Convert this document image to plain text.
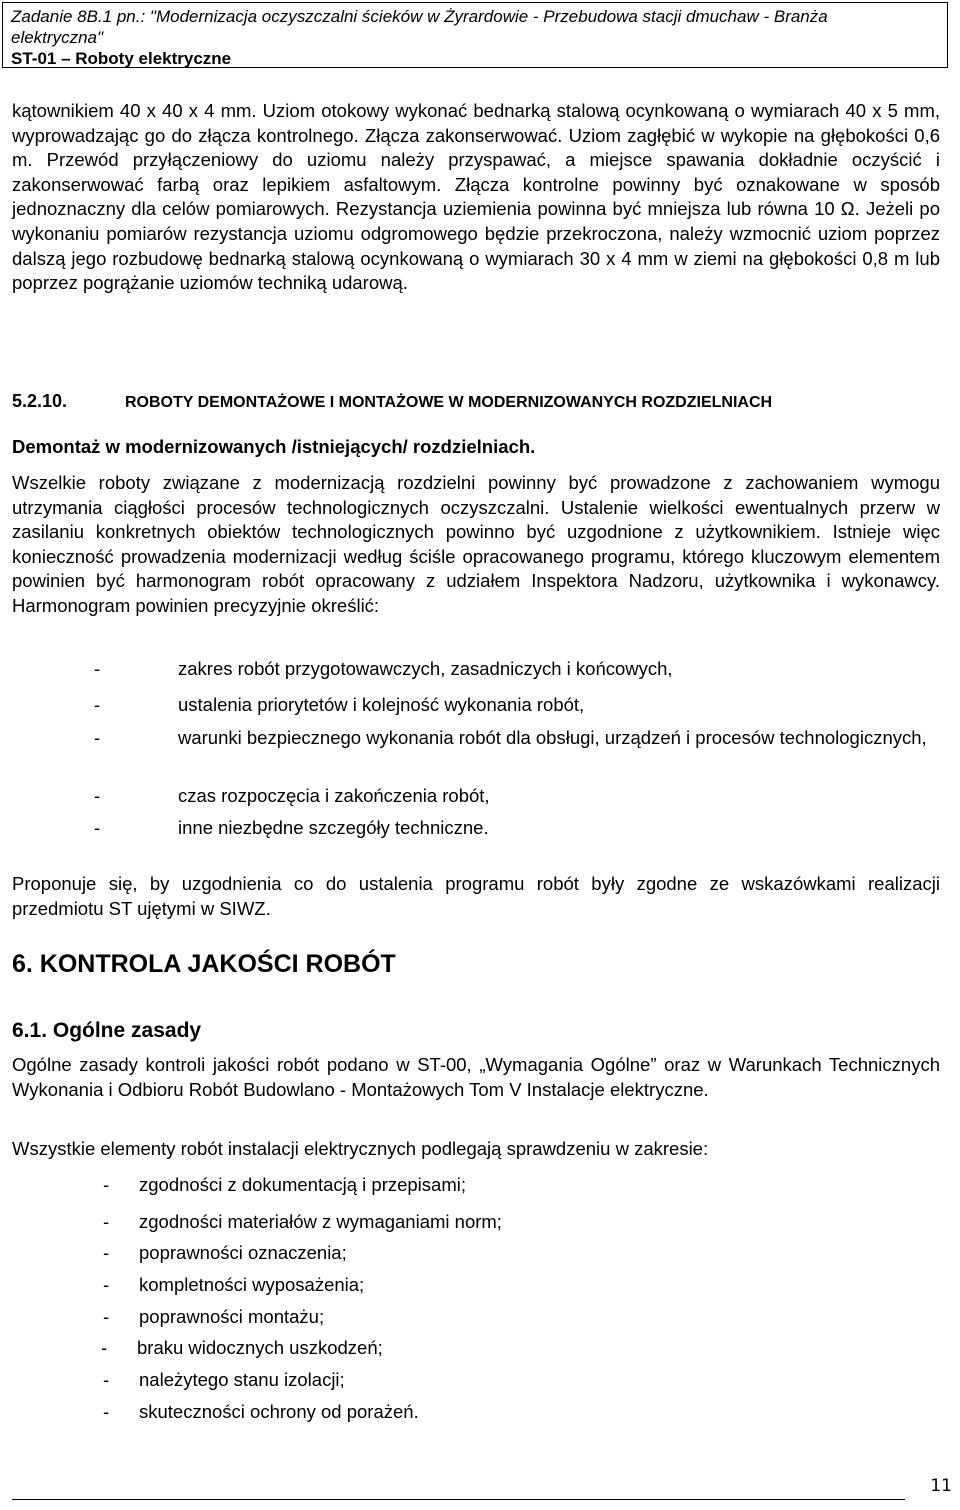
Zadanie 8B.1 pn.: "Modernizacja oczyszczalni ścieków w Żyrardowie - Przebudowa stacji dmuchaw - Branża
elektryczna"
ST-01 – Roboty elektryczne

kątownikiem 40 x 40 x 4 mm. Uziom otokowy wykonać bednarką stalową ocynkowaną o wymiarach 40 x 5 mm, wyprowadzając go do złącza kontrolnego. Złącza zakonserwować. Uziom zagłębić w wykopie na głębokości 0,6 m. Przewód przyłączeniowy do uziomu należy przyspawać, a miejsce spawania dokładnie oczyścić i zakonserwować farbą oraz lepikiem asfaltowym. Złącza kontrolne powinny być oznakowane w sposób jednoznaczny dla celów pomiarowych. Rezystancja uziemienia powinna być mniejsza lub równa 10 Ω. Jeżeli po wykonaniu pomiarów rezystancja uziomu odgromowego będzie przekroczona, należy wzmocnić uziom poprzez dalszą jego rozbudowę bednarką stalową ocynkowaną o wymiarach 30 x 4 mm w ziemi na głębokości 0,8 m lub poprzez pogrążanie uziomów techniką udarową.

5.2.10.	ROBOTY DEMONTAŻOWE I MONTAŻOWE W MODERNIZOWANYCH ROZDZIELNIACH
Demontaż w modernizowanych /istniejących/ rozdzielniach.

Wszelkie roboty związane z modernizacją rozdzielni powinny być prowadzone z zachowaniem wymogu utrzymania ciągłości procesów technologicznych oczyszczalni. Ustalenie wielkości ewentualnych przerw w zasilaniu konkretnych obiektów technologicznych powinno być uzgodnione z użytkownikiem. Istnieje więc konieczność prowadzenia modernizacji według ściśle opracowanego programu, którego kluczowym elementem powinien być harmonogram robót opracowany z udziałem Inspektora Nadzoru, użytkownika i wykonawcy. Harmonogram powinien precyzyjnie określić:

-	zakres robót przygotowawczych, zasadniczych i końcowych,
-	ustalenia priorytetów i kolejność wykonania robót,
-	warunki bezpiecznego wykonania robót dla obsługi, urządzeń i procesów technologicznych,
-	czas rozpoczęcia i zakończenia robót,
-	inne niezbędne szczegóły techniczne.

Proponuje się, by uzgodnienia co do ustalenia programu robót były zgodne ze wskazówkami realizacji przedmiotu ST ujętymi w SIWZ.

6. KONTROLA JAKOŚCI ROBÓT
6.1. Ogólne zasady

Ogólne zasady kontroli jakości robót podano w ST-00, „Wymagania Ogólne” oraz w Warunkach Technicznych Wykonania i Odbioru Robót Budowlano - Montażowych Tom V Instalacje elektryczne.

Wszystkie elementy robót instalacji elektrycznych podlegają sprawdzeniu w zakresie:

-	zgodności z dokumentacją i przepisami;
-	zgodności materiałów z wymaganiami norm;
-	poprawności oznaczenia;
-	kompletności wyposażenia;
-	poprawności montażu;
-	braku widocznych uszkodzeń;
-	należytego stanu izolacji;
-	skuteczności ochrony od porażeń.
11
